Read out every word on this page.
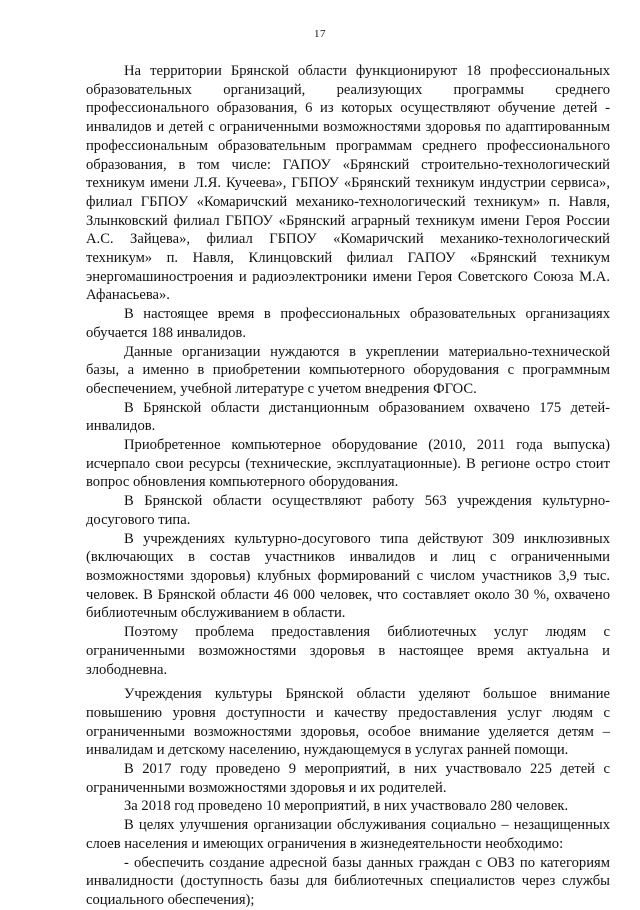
17

На территории Брянской области функционируют 18 профессиональных образовательных организаций, реализующих программы среднего профессионального образования, 6 из которых осуществляют обучение детей - инвалидов и детей с ограниченными возможностями здоровья по адаптированным профессиональным образовательным программам среднего профессионального образования, в том числе: ГАПОУ «Брянский строительно-технологический техникум имени Л.Я. Кучеева», ГБПОУ «Брянский техникум индустрии сервиса», филиал ГБПОУ «Комаричский механико-технологический техникум» п. Навля, Злынковский филиал ГБПОУ «Брянский аграрный техникум имени Героя России А.С. Зайцева», филиал ГБПОУ «Комаричский механико-технологический техникум» п. Навля, Клинцовский филиал ГАПОУ «Брянский техникум энергомашиностроения и радиоэлектроники имени Героя Советского Союза М.А. Афанасьева».

В настоящее время в профессиональных образовательных организациях обучается 188 инвалидов.

Данные организации нуждаются в укреплении материально-технической базы, а именно в приобретении компьютерного оборудования с программным обеспечением, учебной литературе с учетом внедрения ФГОС.

В Брянской области дистанционным образованием охвачено 175 детей-инвалидов.

Приобретенное компьютерное оборудование (2010, 2011 года выпуска) исчерпало свои ресурсы (технические, эксплуатационные). В регионе остро стоит вопрос обновления компьютерного оборудования.

В Брянской области осуществляют работу 563 учреждения культурно-досугового типа.

В учреждениях культурно-досугового типа действуют 309 инклюзивных (включающих в состав участников инвалидов и лиц с ограниченными возможностями здоровья) клубных формирований с числом участников 3,9 тыс. человек. В Брянской области 46 000 человек, что составляет около 30 %, охвачено библиотечным обслуживанием в области.

Поэтому проблема предоставления библиотечных услуг людям с ограниченными возможностями здоровья в настоящее время актуальна и злободневна.

Учреждения культуры Брянской области уделяют большое внимание повышению уровня доступности и качеству предоставления услуг людям с ограниченными возможностями здоровья, особое внимание уделяется детям – инвалидам и детскому населению, нуждающемуся в услугах ранней помощи.

В 2017 году проведено 9 мероприятий, в них участвовало 225 детей с ограниченными возможностями здоровья и их родителей.

За 2018 год проведено 10 мероприятий, в них участвовало 280 человек.

В целях улучшения организации обслуживания социально – незащищенных слоев населения и имеющих ограничения в жизнедеятельности необходимо:

- обеспечить создание адресной базы данных граждан с ОВЗ по категориям инвалидности (доступность базы для библиотечных специалистов через службы социального обеспечения);
